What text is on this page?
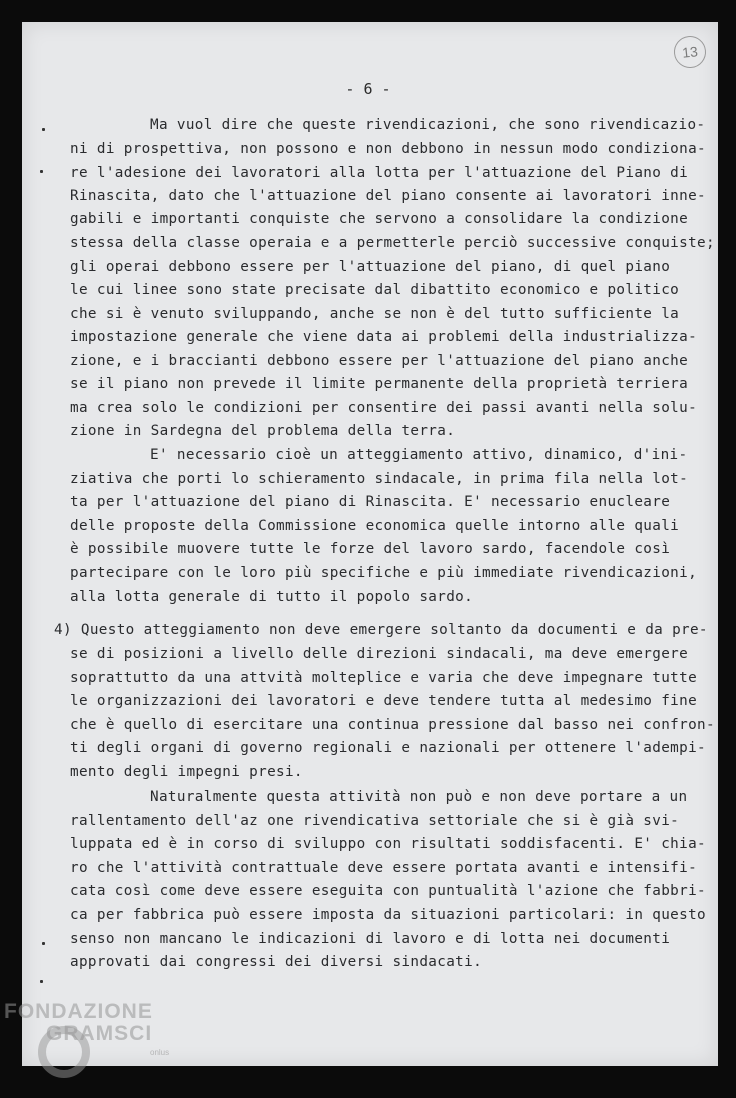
13
- 6 -

Ma vuol dire che queste rivendicazioni, che sono rivendicazio-

ni di prospettiva, non possono e non debbono in nessun modo condiziona-

re l'adesione dei lavoratori alla lotta per l'attuazione del Piano di

Rinascita, dato che l'attuazione del piano consente ai lavoratori inne-

gabili e importanti conquiste che servono a consolidare la condizione

stessa della classe operaia e a permetterle perciò successive conquiste;

gli operai debbono essere per l'attuazione del piano, di quel piano

le cui linee sono state precisate dal dibattito economico e politico

che si è venuto sviluppando, anche se non è del tutto sufficiente la

impostazione generale che viene data ai problemi della industrializza-

zione, e i braccianti debbono essere per l'attuazione del piano anche

se il piano non prevede il limite permanente della proprietà terriera

ma crea solo le condizioni per consentire dei passi avanti nella solu-

zione in Sardegna del problema della terra.

E' necessario cioè un atteggiamento attivo, dinamico, d'ini-

ziativa che porti lo schieramento sindacale, in prima fila nella lot-

ta per l'attuazione del piano di Rinascita. E' necessario enucleare

delle proposte della Commissione economica quelle intorno alle quali

è possibile muovere tutte le forze del lavoro sardo, facendole così

partecipare con le loro più specifiche e più immediate rivendicazioni,

alla lotta generale di tutto il popolo sardo.

4) Questo atteggiamento non deve emergere soltanto da documenti e da pre-

se di posizioni a livello delle direzioni sindacali, ma deve emergere

soprattutto da una attvità molteplice e varia che deve impegnare tutte

le organizzazioni dei lavoratori e deve tendere tutta al medesimo fine

che è quello di esercitare una continua pressione dal basso nei confron-

ti degli organi di governo regionali e nazionali per ottenere l'adempi-

mento degli impegni presi.

Naturalmente questa attività non può e non deve portare a un

rallentamento dell'az one rivendicativa settoriale che si è già svi-

luppata ed è in corso di sviluppo con risultati soddisfacenti. E' chia-

ro che l'attività contrattuale deve essere portata avanti e intensifi-

cata così come deve essere eseguita con puntualità l'azione che fabbri-

ca per fabbrica può essere imposta da situazioni particolari: in questo

senso non mancano le indicazioni di lavoro e di lotta nei documenti

approvati dai congressi dei diversi sindacati.

FONDAZIONE
GRAMSCI
onlus
